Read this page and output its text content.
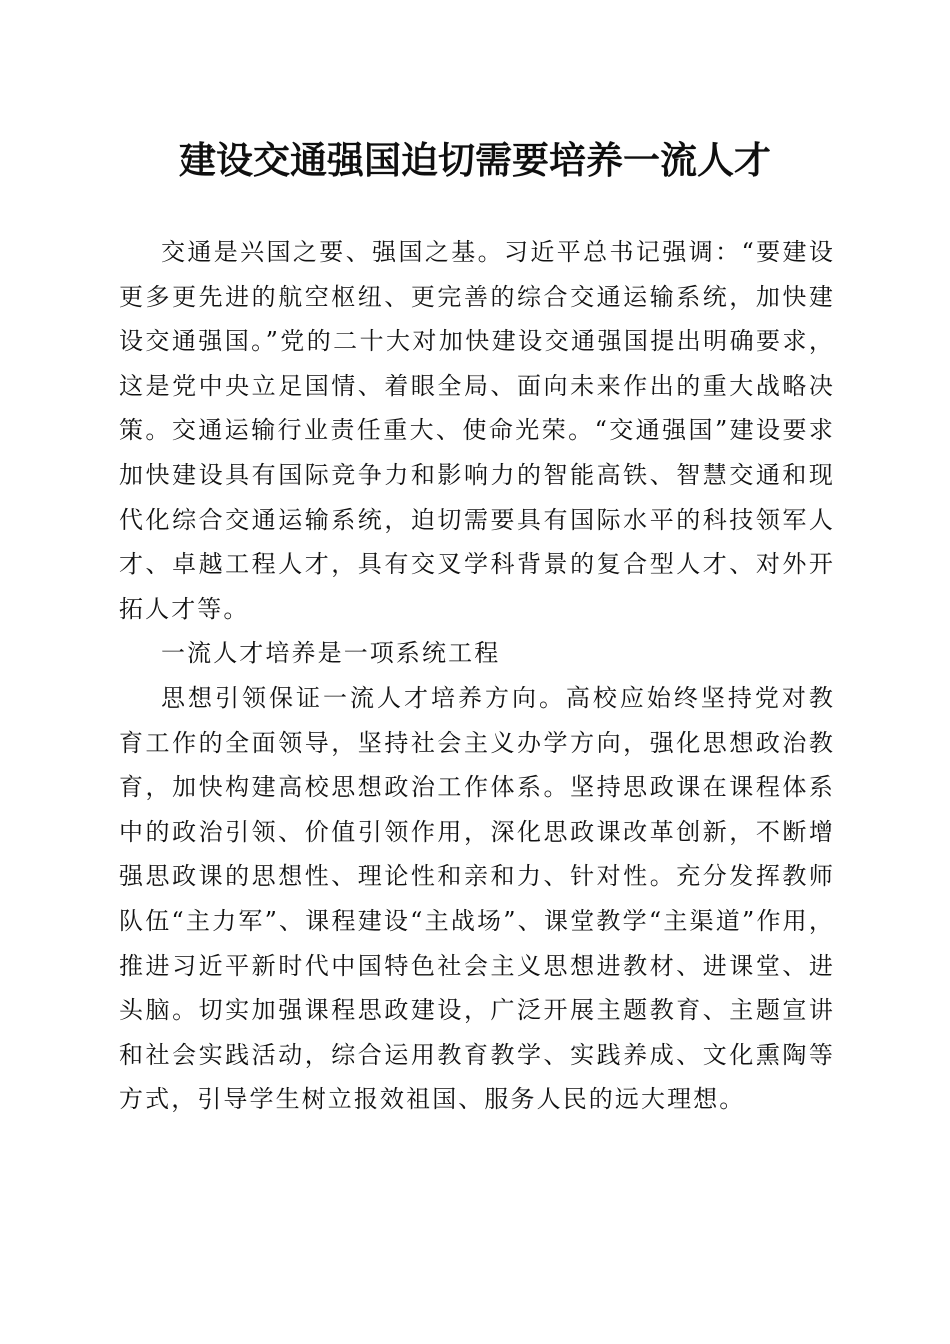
建设交通强国迫切需要培养一流人才

交通是兴国之要、强国之基。习近平总书记强调：“要建设更多更先进的航空枢纽、更完善的综合交通运输系统，加快建设交通强国。”党的二十大对加快建设交通强国提出明确要求，这是党中央立足国情、着眼全局、面向未来作出的重大战略决策。交通运输行业责任重大、使命光荣。“交通强国”建设要求加快建设具有国际竞争力和影响力的智能高铁、智慧交通和现代化综合交通运输系统，迫切需要具有国际水平的科技领军人才、卓越工程人才，具有交叉学科背景的复合型人才、对外开拓人才等。

一流人才培养是一项系统工程

思想引领保证一流人才培养方向。高校应始终坚持党对教育工作的全面领导，坚持社会主义办学方向，强化思想政治教育，加快构建高校思想政治工作体系。坚持思政课在课程体系中的政治引领、价值引领作用，深化思政课改革创新，不断增强思政课的思想性、理论性和亲和力、针对性。充分发挥教师队伍“主力军”、课程建设“主战场”、课堂教学“主渠道”作用，推进习近平新时代中国特色社会主义思想进教材、进课堂、进头脑。切实加强课程思政建设，广泛开展主题教育、主题宣讲和社会实践活动，综合运用教育教学、实践养成、文化熏陶等方式，引导学生树立报效祖国、服务人民的远大理想。
